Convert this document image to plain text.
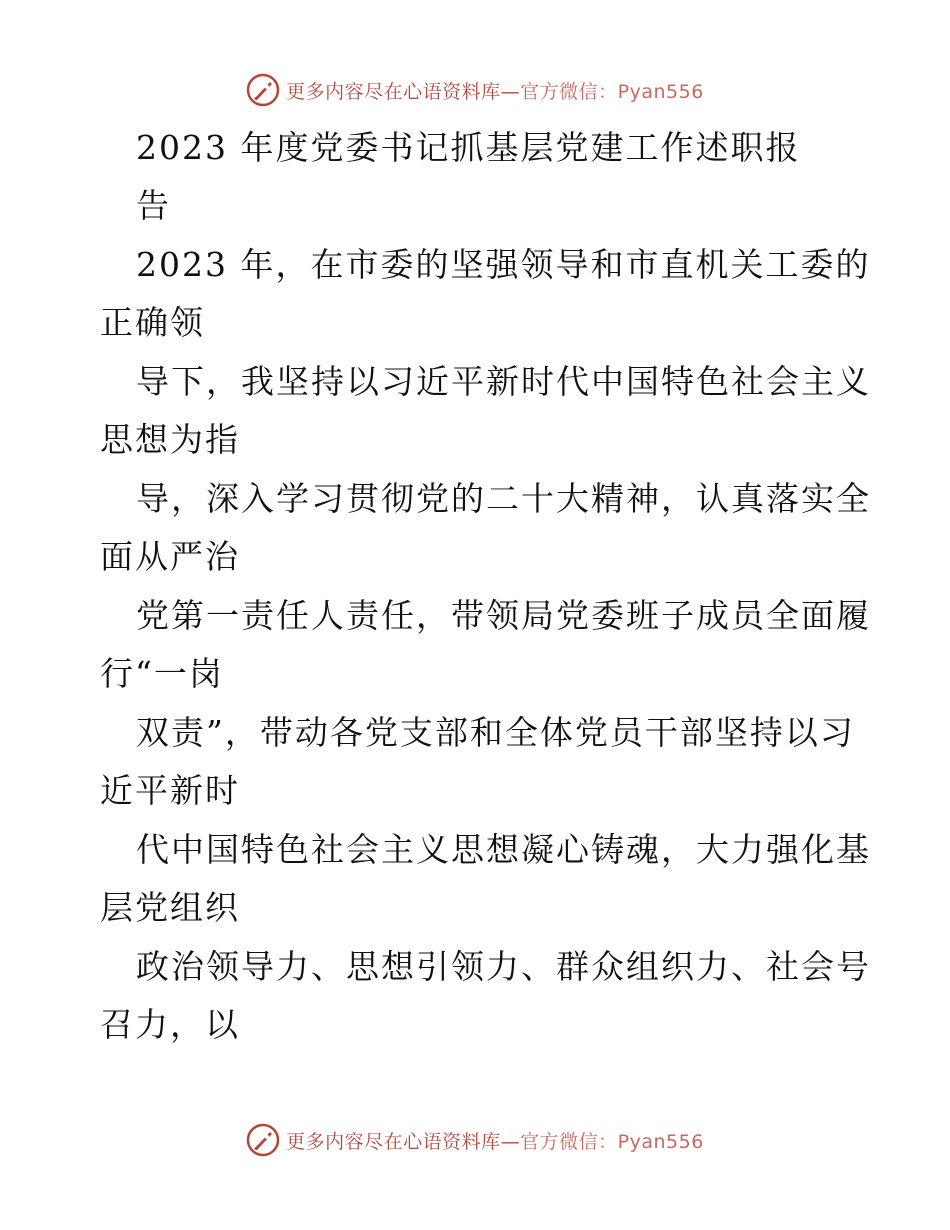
更多内容尽在心语资料库—官方微信：Pyan556
2023 年度党委书记抓基层党建工作述职报
告
2023 年，在市委的坚强领导和市直机关工委的
正确领
导下，我坚持以习近平新时代中国特色社会主义
思想为指
导，深入学习贯彻党的二十大精神，认真落实全
面从严治
党第一责任人责任，带领局党委班子成员全面履
行“一岗
双责”，带动各党支部和全体党员干部坚持以习
近平新时
代中国特色社会主义思想凝心铸魂，大力强化基
层党组织
政治领导力、思想引领力、群众组织力、社会号
召力，以
更多内容尽在心语资料库—官方微信：Pyan556
